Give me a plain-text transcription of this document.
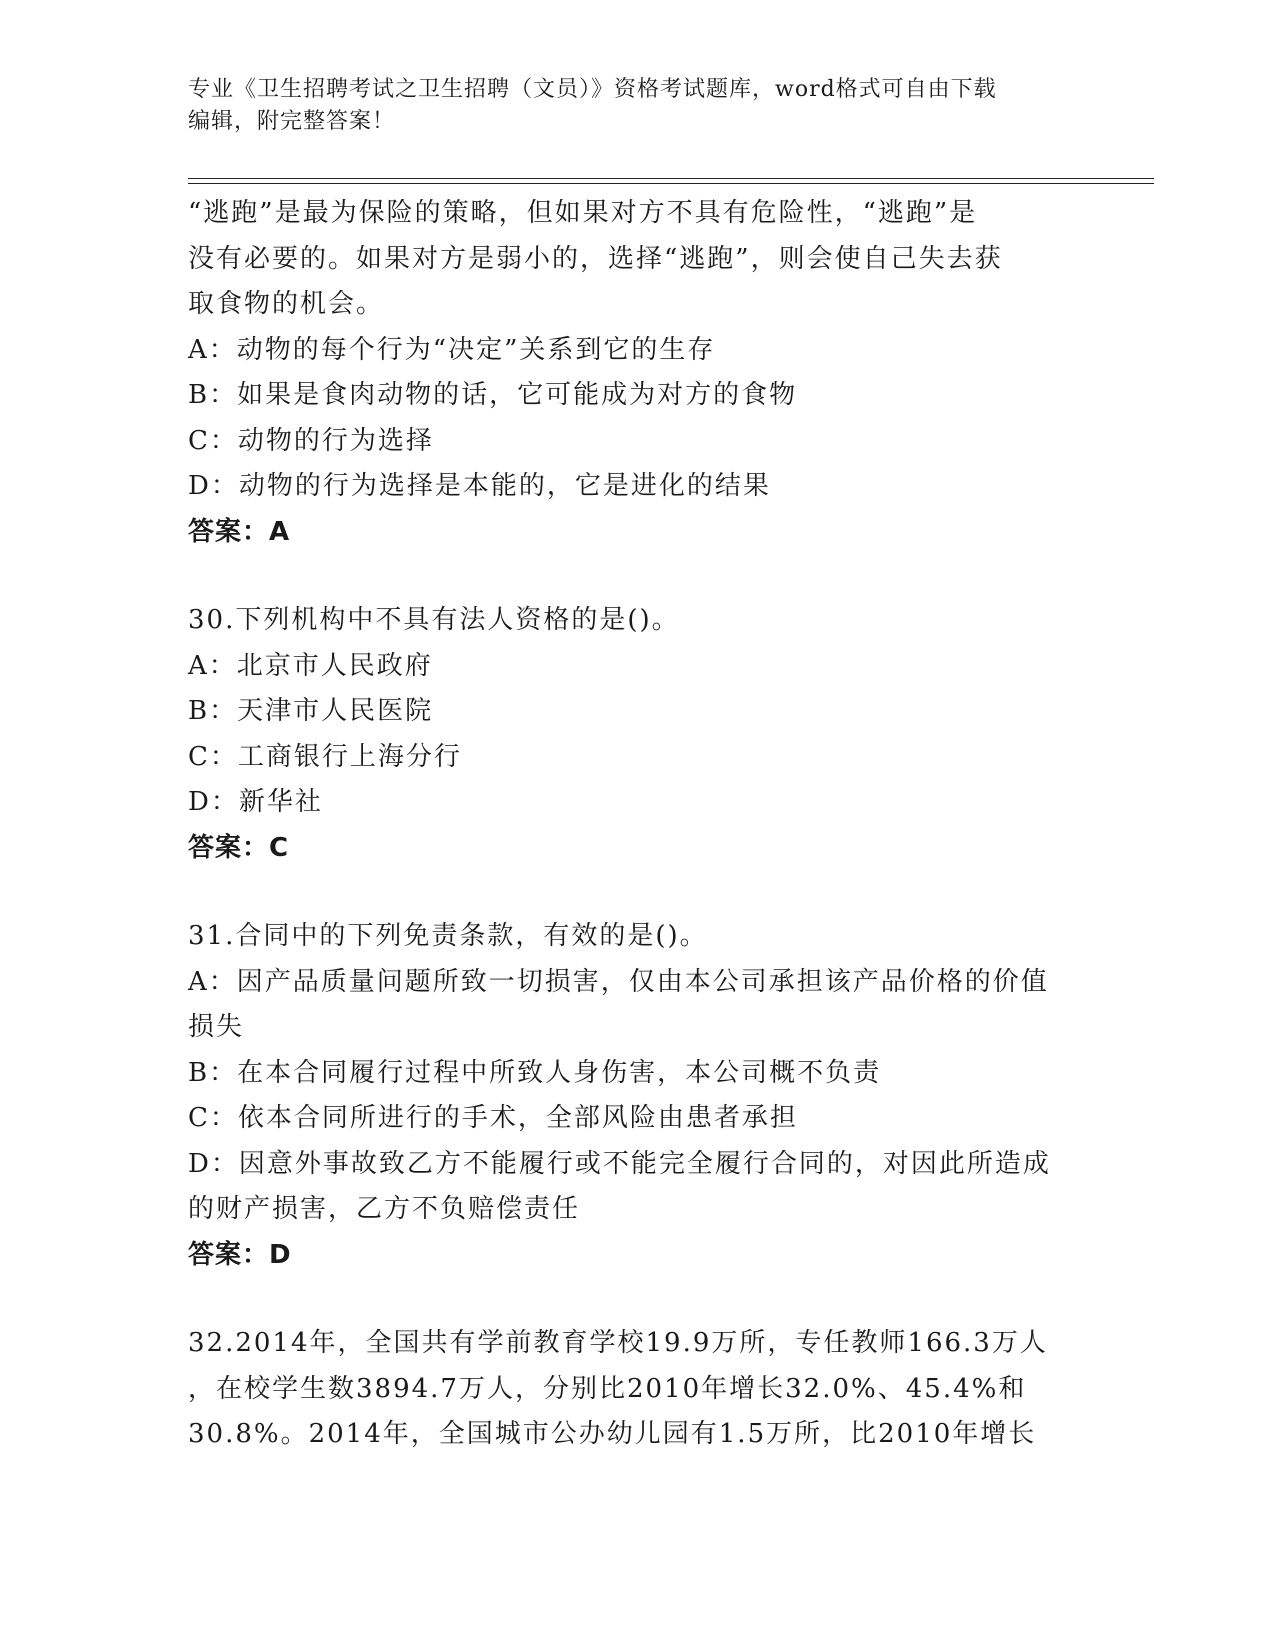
专业《卫生招聘考试之卫生招聘（文员）》资格考试题库，word格式可自由下载
编辑，附完整答案！
“逃跑”是最为保险的策略，但如果对方不具有危险性，“逃跑”是
没有必要的。如果对方是弱小的，选择“逃跑”，则会使自己失去获
取食物的机会。
A：动物的每个行为“决定”关系到它的生存
B：如果是食肉动物的话，它可能成为对方的食物
C：动物的行为选择
D：动物的行为选择是本能的，它是进化的结果
答案：A
30.下列机构中不具有法人资格的是()。
A：北京市人民政府
B：天津市人民医院
C：工商银行上海分行
D：新华社
答案：C
31.合同中的下列免责条款，有效的是()。
A：因产品质量问题所致一切损害，仅由本公司承担该产品价格的价值
损失
B：在本合同履行过程中所致人身伤害，本公司概不负责
C：依本合同所进行的手术，全部风险由患者承担
D：因意外事故致乙方不能履行或不能完全履行合同的，对因此所造成
的财产损害，乙方不负赔偿责任
答案：D
32.2014年，全国共有学前教育学校19.9万所，专任教师166.3万人
，在校学生数3894.7万人，分别比2010年增长32.0%、45.4%和
30.8%。2014年，全国城市公办幼儿园有1.5万所，比2010年增长
